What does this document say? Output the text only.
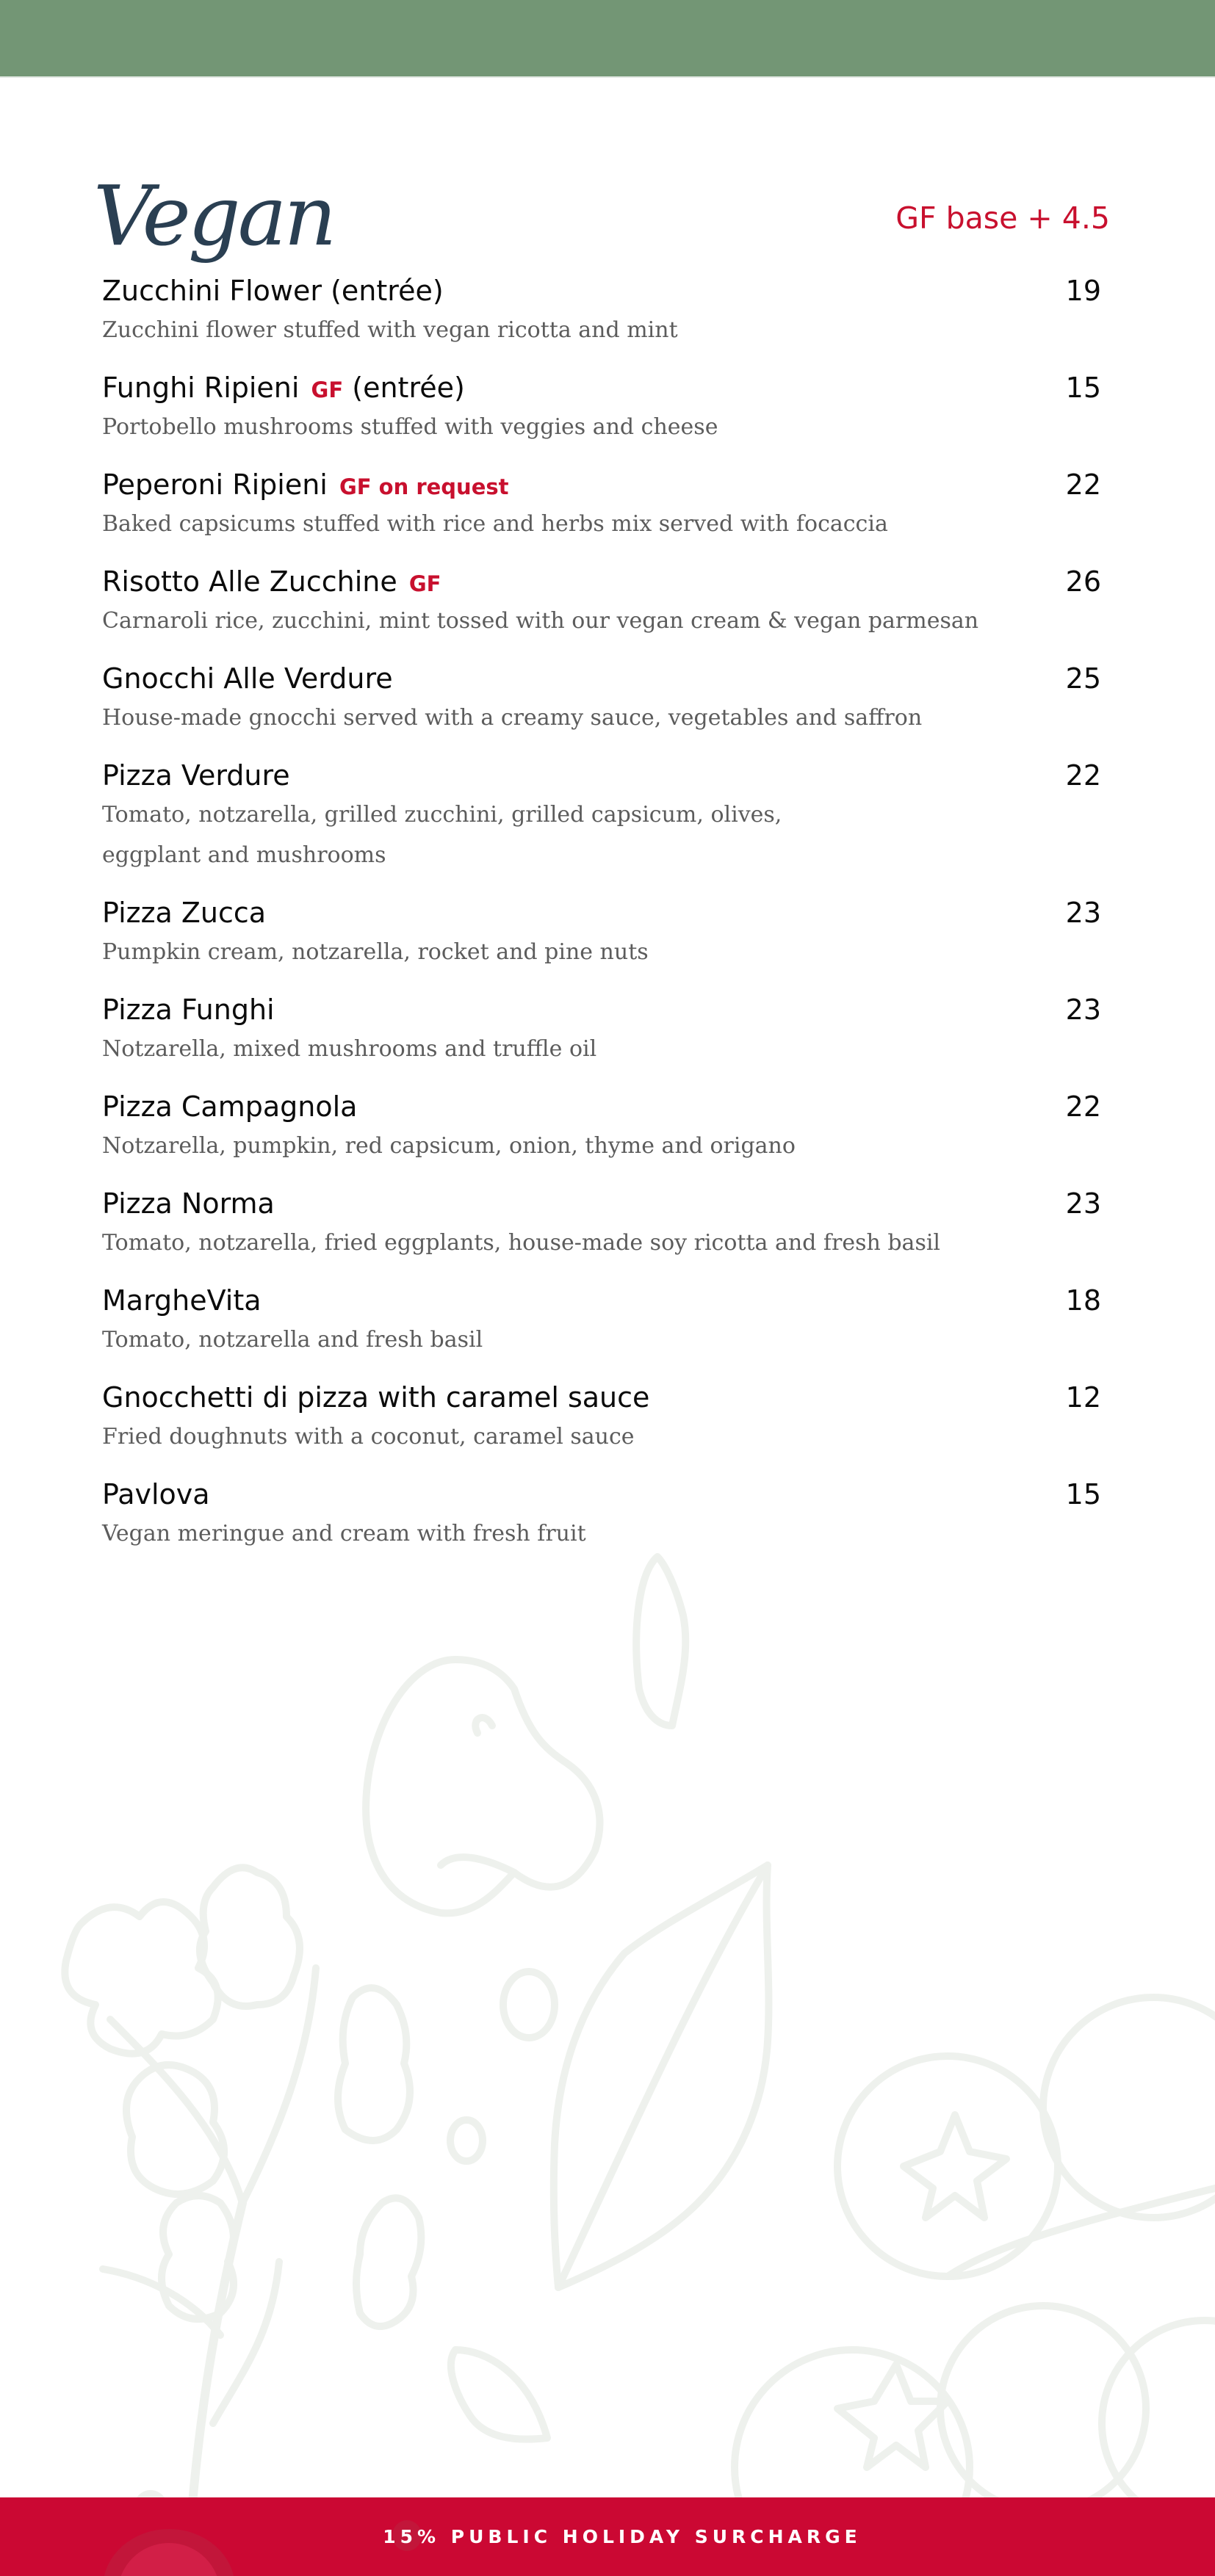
Vegan	GF base + 4.5
Zucchini Flower (entrée)	19
Zucchini flower stuffed with vegan ricotta and mint
Funghi Ripieni GF (entrée)	15
Portobello mushrooms stuffed with veggies and cheese
Peperoni Ripieni GF on request	22
Baked capsicums stuffed with rice and herbs mix served with focaccia
Risotto Alle Zucchine GF	26
Carnaroli rice, zucchini, mint tossed with our vegan cream & vegan parmesan
Gnocchi Alle Verdure	25
House-made gnocchi served with a creamy sauce, vegetables and saffron
Pizza Verdure	22
Tomato, notzarella, grilled zucchini, grilled capsicum, olives, eggplant and mushrooms
Pizza Zucca	23
Pumpkin cream, notzarella, rocket and pine nuts
Pizza Funghi	23
Notzarella, mixed mushrooms and truffle oil
Pizza Campagnola	22
Notzarella, pumpkin, red capsicum, onion, thyme and origano
Pizza Norma	23
Tomato, notzarella, fried eggplants, house-made soy ricotta and fresh basil
MargheVita	18
Tomato, notzarella and fresh basil
Gnocchetti di pizza with caramel sauce	12
Fried doughnuts with a coconut, caramel sauce
Pavlova	15
Vegan meringue and cream with fresh fruit
15% PUBLIC HOLIDAY SURCHARGE
